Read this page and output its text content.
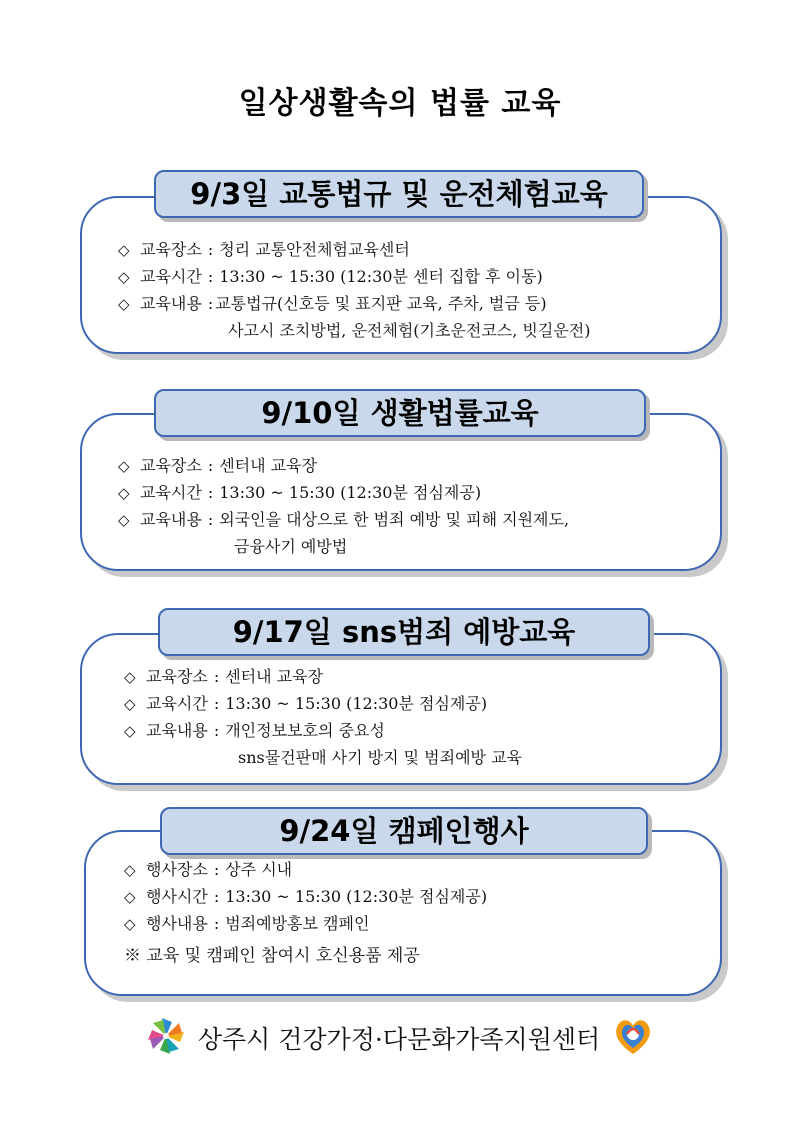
일상생활속의 법률 교육
9/3일 교통법규 및 운전체험교육
◇ 교육장소 : 청리 교통안전체험교육센터
◇ 교육시간 : 13:30 ~ 15:30 (12:30분 센터 집합 후 이동)
◇ 교육내용 : 교통법규(신호등 및 표지판 교육, 주차, 벌금 등)
사고시 조치방법, 운전체험(기초운전코스, 빗길운전)
9/10일 생활법률교육
◇ 교육장소 : 센터내 교육장
◇ 교육시간 : 13:30 ~ 15:30 (12:30분 점심제공)
◇ 교육내용 : 외국인을 대상으로 한 범죄 예방 및 피해 지원제도,
금융사기 예방법
9/17일 sns범죄 예방교육
◇ 교육장소 : 센터내 교육장
◇ 교육시간 : 13:30 ~ 15:30 (12:30분 점심제공)
◇ 교육내용 : 개인정보보호의 중요성
sns물건판매 사기 방지 및 범죄예방 교육
9/24일 캠페인행사
◇ 행사장소 : 상주 시내
◇ 행사시간 : 13:30 ~ 15:30 (12:30분 점심제공)
◇ 행사내용 : 범죄예방홍보 캠페인
※ 교육 및 캠페인 참여시 호신용품 제공
상주시 건강가정·다문화가족지원센터
